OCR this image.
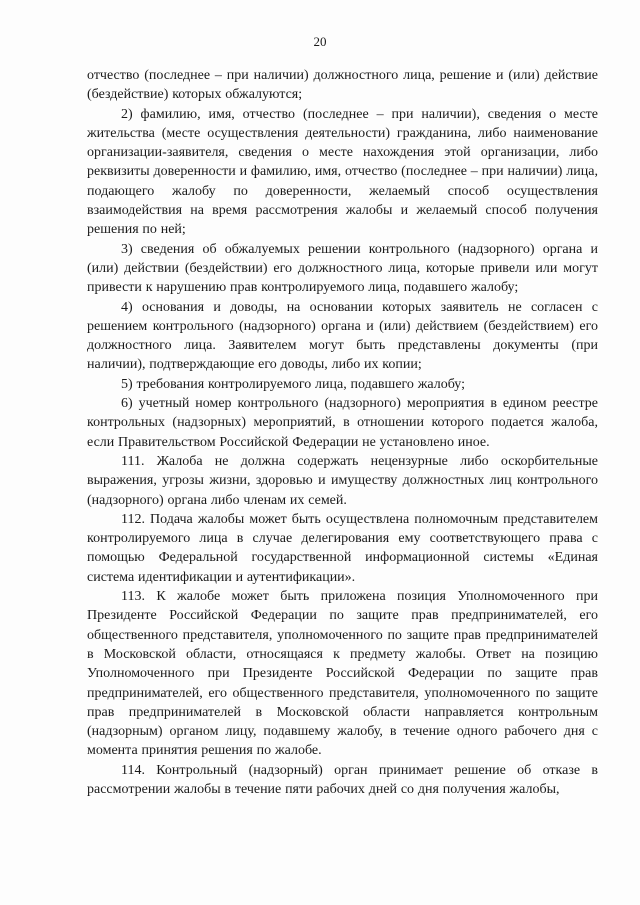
20

отчество (последнее – при наличии) должностного лица, решение и (или) действие (бездействие) которых обжалуются;

2) фамилию, имя, отчество (последнее – при наличии), сведения о месте жительства (месте осуществления деятельности) гражданина, либо наименование организации-заявителя, сведения о месте нахождения этой организации, либо реквизиты доверенности и фамилию, имя, отчество (последнее – при наличии) лица, подающего жалобу по доверенности, желаемый способ осуществления взаимодействия на время рассмотрения жалобы и желаемый способ получения решения по ней;

3) сведения об обжалуемых решении контрольного (надзорного) органа и (или) действии (бездействии) его должностного лица, которые привели или могут привести к нарушению прав контролируемого лица, подавшего жалобу;

4) основания и доводы, на основании которых заявитель не согласен с решением контрольного (надзорного) органа и (или) действием (бездействием) его должностного лица. Заявителем могут быть представлены документы (при наличии), подтверждающие его доводы, либо их копии;

5) требования контролируемого лица, подавшего жалобу;

6) учетный номер контрольного (надзорного) мероприятия в едином реестре контрольных (надзорных) мероприятий, в отношении которого подается жалоба, если Правительством Российской Федерации не установлено иное.

111. Жалоба не должна содержать нецензурные либо оскорбительные выражения, угрозы жизни, здоровью и имуществу должностных лиц контрольного (надзорного) органа либо членам их семей.

112. Подача жалобы может быть осуществлена полномочным представителем контролируемого лица в случае делегирования ему соответствующего права с помощью Федеральной государственной информационной системы «Единая система идентификации и аутентификации».

113. К жалобе может быть приложена позиция Уполномоченного при Президенте Российской Федерации по защите прав предпринимателей, его общественного представителя, уполномоченного по защите прав предпринимателей в Московской области, относящаяся к предмету жалобы. Ответ на позицию Уполномоченного при Президенте Российской Федерации по защите прав предпринимателей, его общественного представителя, уполномоченного по защите прав предпринимателей в Московской области направляется контрольным (надзорным) органом лицу, подавшему жалобу, в течение одного рабочего дня с момента принятия решения по жалобе.

114. Контрольный (надзорный) орган принимает решение об отказе в рассмотрении жалобы в течение пяти рабочих дней со дня получения жалобы,
